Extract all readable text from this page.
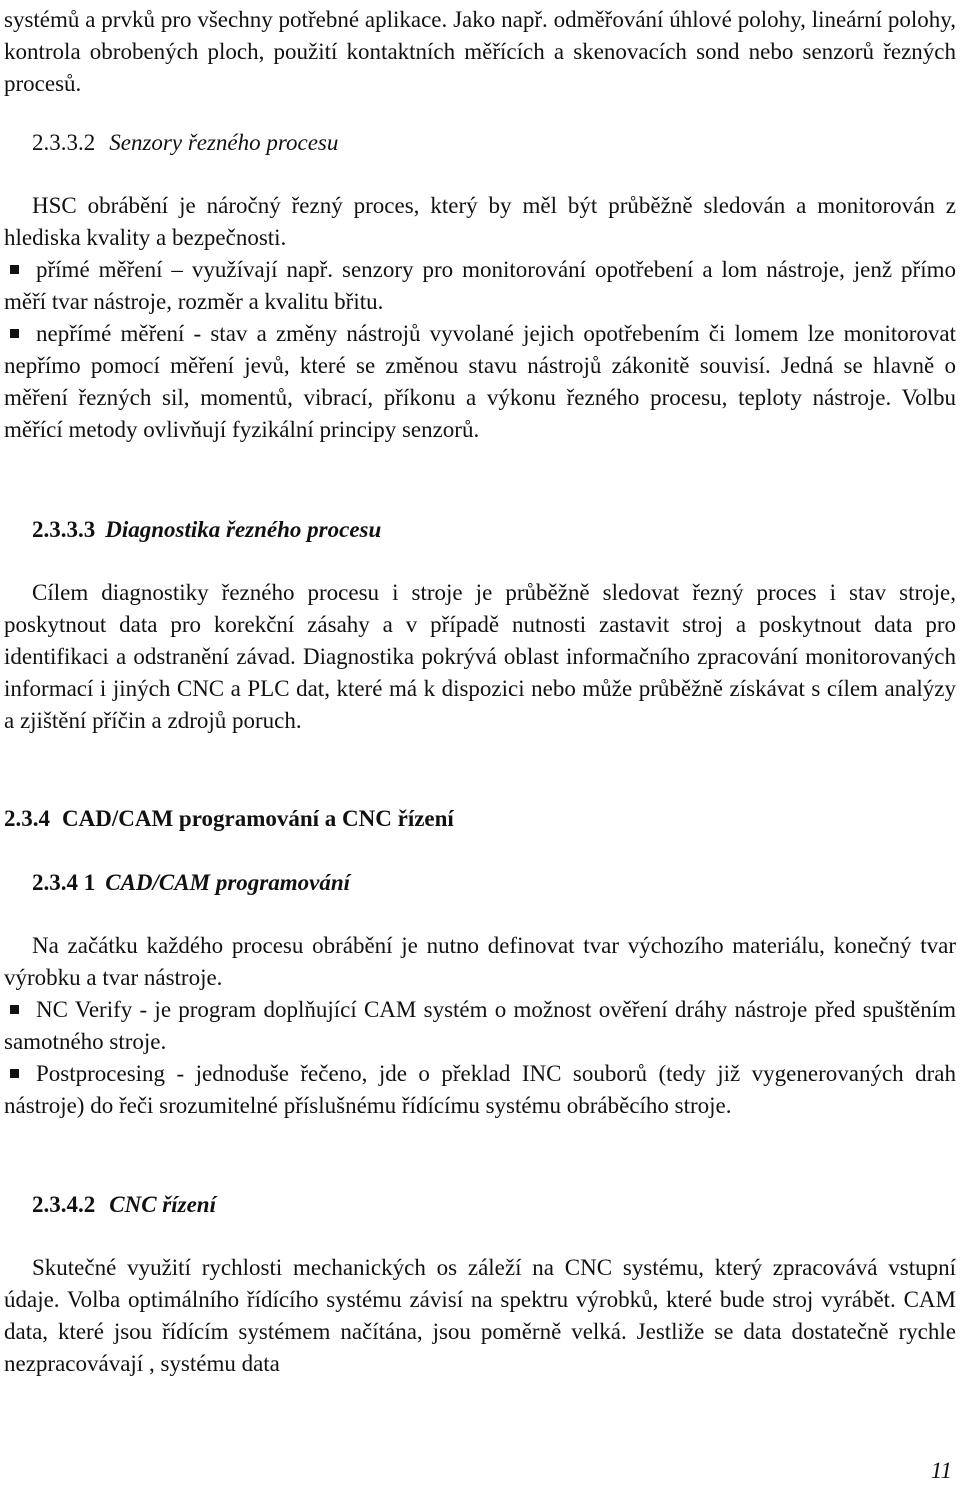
systémů a prvků pro všechny potřebné aplikace. Jako např. odměřování úhlové polohy, lineární polohy, kontrola obrobených ploch, použití kontaktních měřících a skenovacích sond nebo senzorů řezných procesů.

2.3.3.2 Senzory řezného procesu

HSC obrábění je náročný řezný proces, který by měl být průběžně sledován a monitorován z hlediska kvality a bezpečnosti.

přímé měření – využívají např. senzory pro monitorování opotřebení a lom nástroje, jenž přímo měří tvar nástroje, rozměr a kvalitu břitu.

nepřímé měření - stav a změny nástrojů vyvolané jejich opotřebením či lomem lze monitorovat nepřímo pomocí měření jevů, které se změnou stavu nástrojů zákonitě souvisí. Jedná se hlavně o měření řezných sil, momentů, vibrací, příkonu a výkonu řezného procesu, teploty nástroje. Volbu měřící metody ovlivňují fyzikální principy senzorů.

2.3.3.3 Diagnostika řezného procesu

Cílem diagnostiky řezného procesu i stroje je průběžně sledovat řezný proces i stav stroje, poskytnout data pro korekční zásahy a v případě nutnosti zastavit stroj a poskytnout data pro identifikaci a odstranění závad. Diagnostika pokrývá oblast informačního zpracování monitorovaných informací i jiných CNC a PLC dat, které má k dispozici nebo může průběžně získávat s cílem analýzy a zjištění příčin a zdrojů poruch.

2.3.4 CAD/CAM programování a CNC řízení
2.3.4 1 CAD/CAM programování

Na začátku každého procesu obrábění je nutno definovat tvar výchozího materiálu, konečný tvar výrobku a tvar nástroje.

NC Verify - je program doplňující CAM systém o možnost ověření dráhy nástroje před spuštěním samotného stroje.

Postprocesing - jednoduše řečeno, jde o překlad INC souborů (tedy již vygenerovaných drah nástroje) do řeči srozumitelné příslušnému řídícímu systému obráběcího stroje.

2.3.4.2 CNC řízení

Skutečné využití rychlosti mechanických os záleží na CNC systému, který zpracovává vstupní údaje. Volba optimálního řídícího systému závisí na spektru výrobků, které bude stroj vyrábět. CAM data, které jsou řídícím systémem načítána, jsou poměrně velká. Jestliže se data dostatečně rychle nezpracovávají , systému data

11
